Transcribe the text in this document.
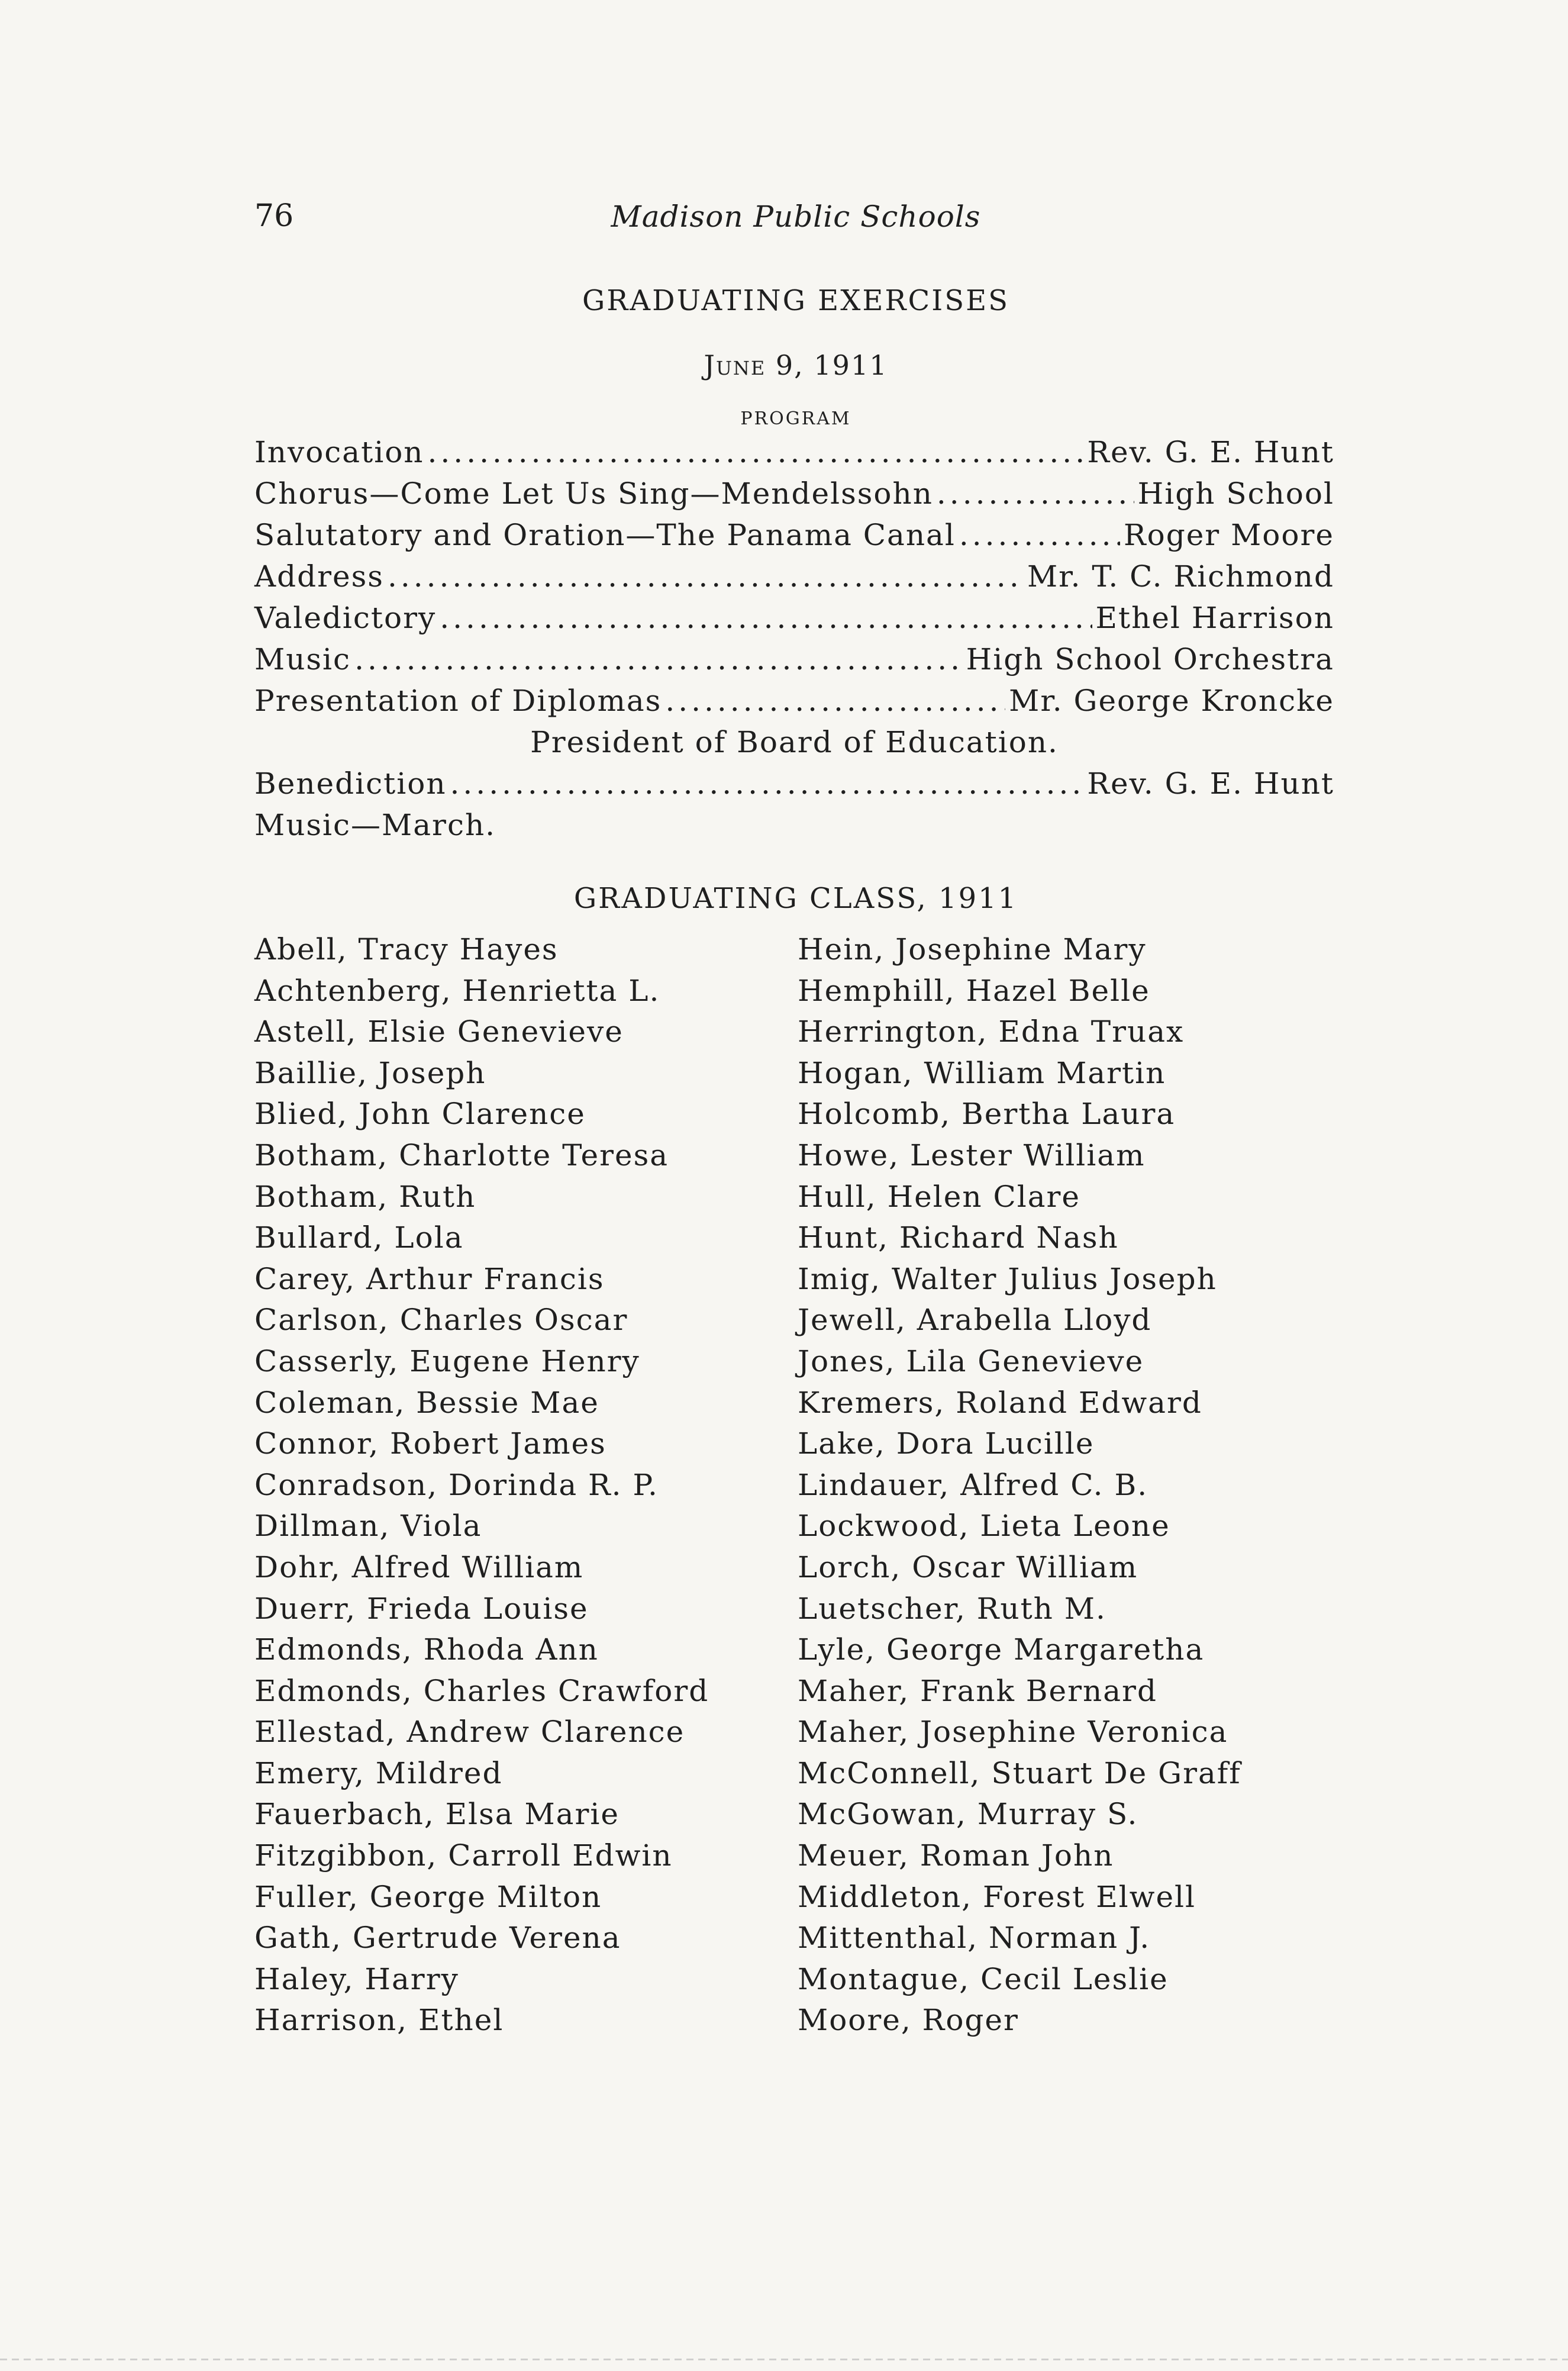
76	Madison Public Schools
GRADUATING EXERCISES
June 9, 1911
PROGRAM
Invocation .....	Rev. G. E. Hunt
Chorus—Come Let Us Sing—Mendelssohn .....	High School
Salutatory and Oration—The Panama Canal .....	Roger Moore
Address .....	Mr. T. C. Richmond
Valedictory .....	Ethel Harrison
Music .....	High School Orchestra
Presentation of Diplomas .....	Mr. George Kroncke
President of Board of Education.
Benediction .....	Rev. G. E. Hunt
Music—March.
GRADUATING CLASS, 1911
Abell, Tracy Hayes
Achtenberg, Henrietta L.
Astell, Elsie Genevieve
Baillie, Joseph
Blied, John Clarence
Botham, Charlotte Teresa
Botham, Ruth
Bullard, Lola
Carey, Arthur Francis
Carlson, Charles Oscar
Casserly, Eugene Henry
Coleman, Bessie Mae
Connor, Robert James
Conradson, Dorinda R. P.
Dillman, Viola
Dohr, Alfred William
Duerr, Frieda Louise
Edmonds, Rhoda Ann
Edmonds, Charles Crawford
Ellestad, Andrew Clarence
Emery, Mildred
Fauerbach, Elsa Marie
Fitzgibbon, Carroll Edwin
Fuller, George Milton
Gath, Gertrude Verena
Haley, Harry
Harrison, Ethel
Hein, Josephine Mary
Hemphill, Hazel Belle
Herrington, Edna Truax
Hogan, William Martin
Holcomb, Bertha Laura
Howe, Lester William
Hull, Helen Clare
Hunt, Richard Nash
Imig, Walter Julius Joseph
Jewell, Arabella Lloyd
Jones, Lila Genevieve
Kremers, Roland Edward
Lake, Dora Lucille
Lindauer, Alfred C. B.
Lockwood, Lieta Leone
Lorch, Oscar William
Luetscher, Ruth M.
Lyle, George Margaretha
Maher, Frank Bernard
Maher, Josephine Veronica
McConnell, Stuart De Graff
McGowan, Murray S.
Meuer, Roman John
Middleton, Forest Elwell
Mittenthal, Norman J.
Montague, Cecil Leslie
Moore, Roger
